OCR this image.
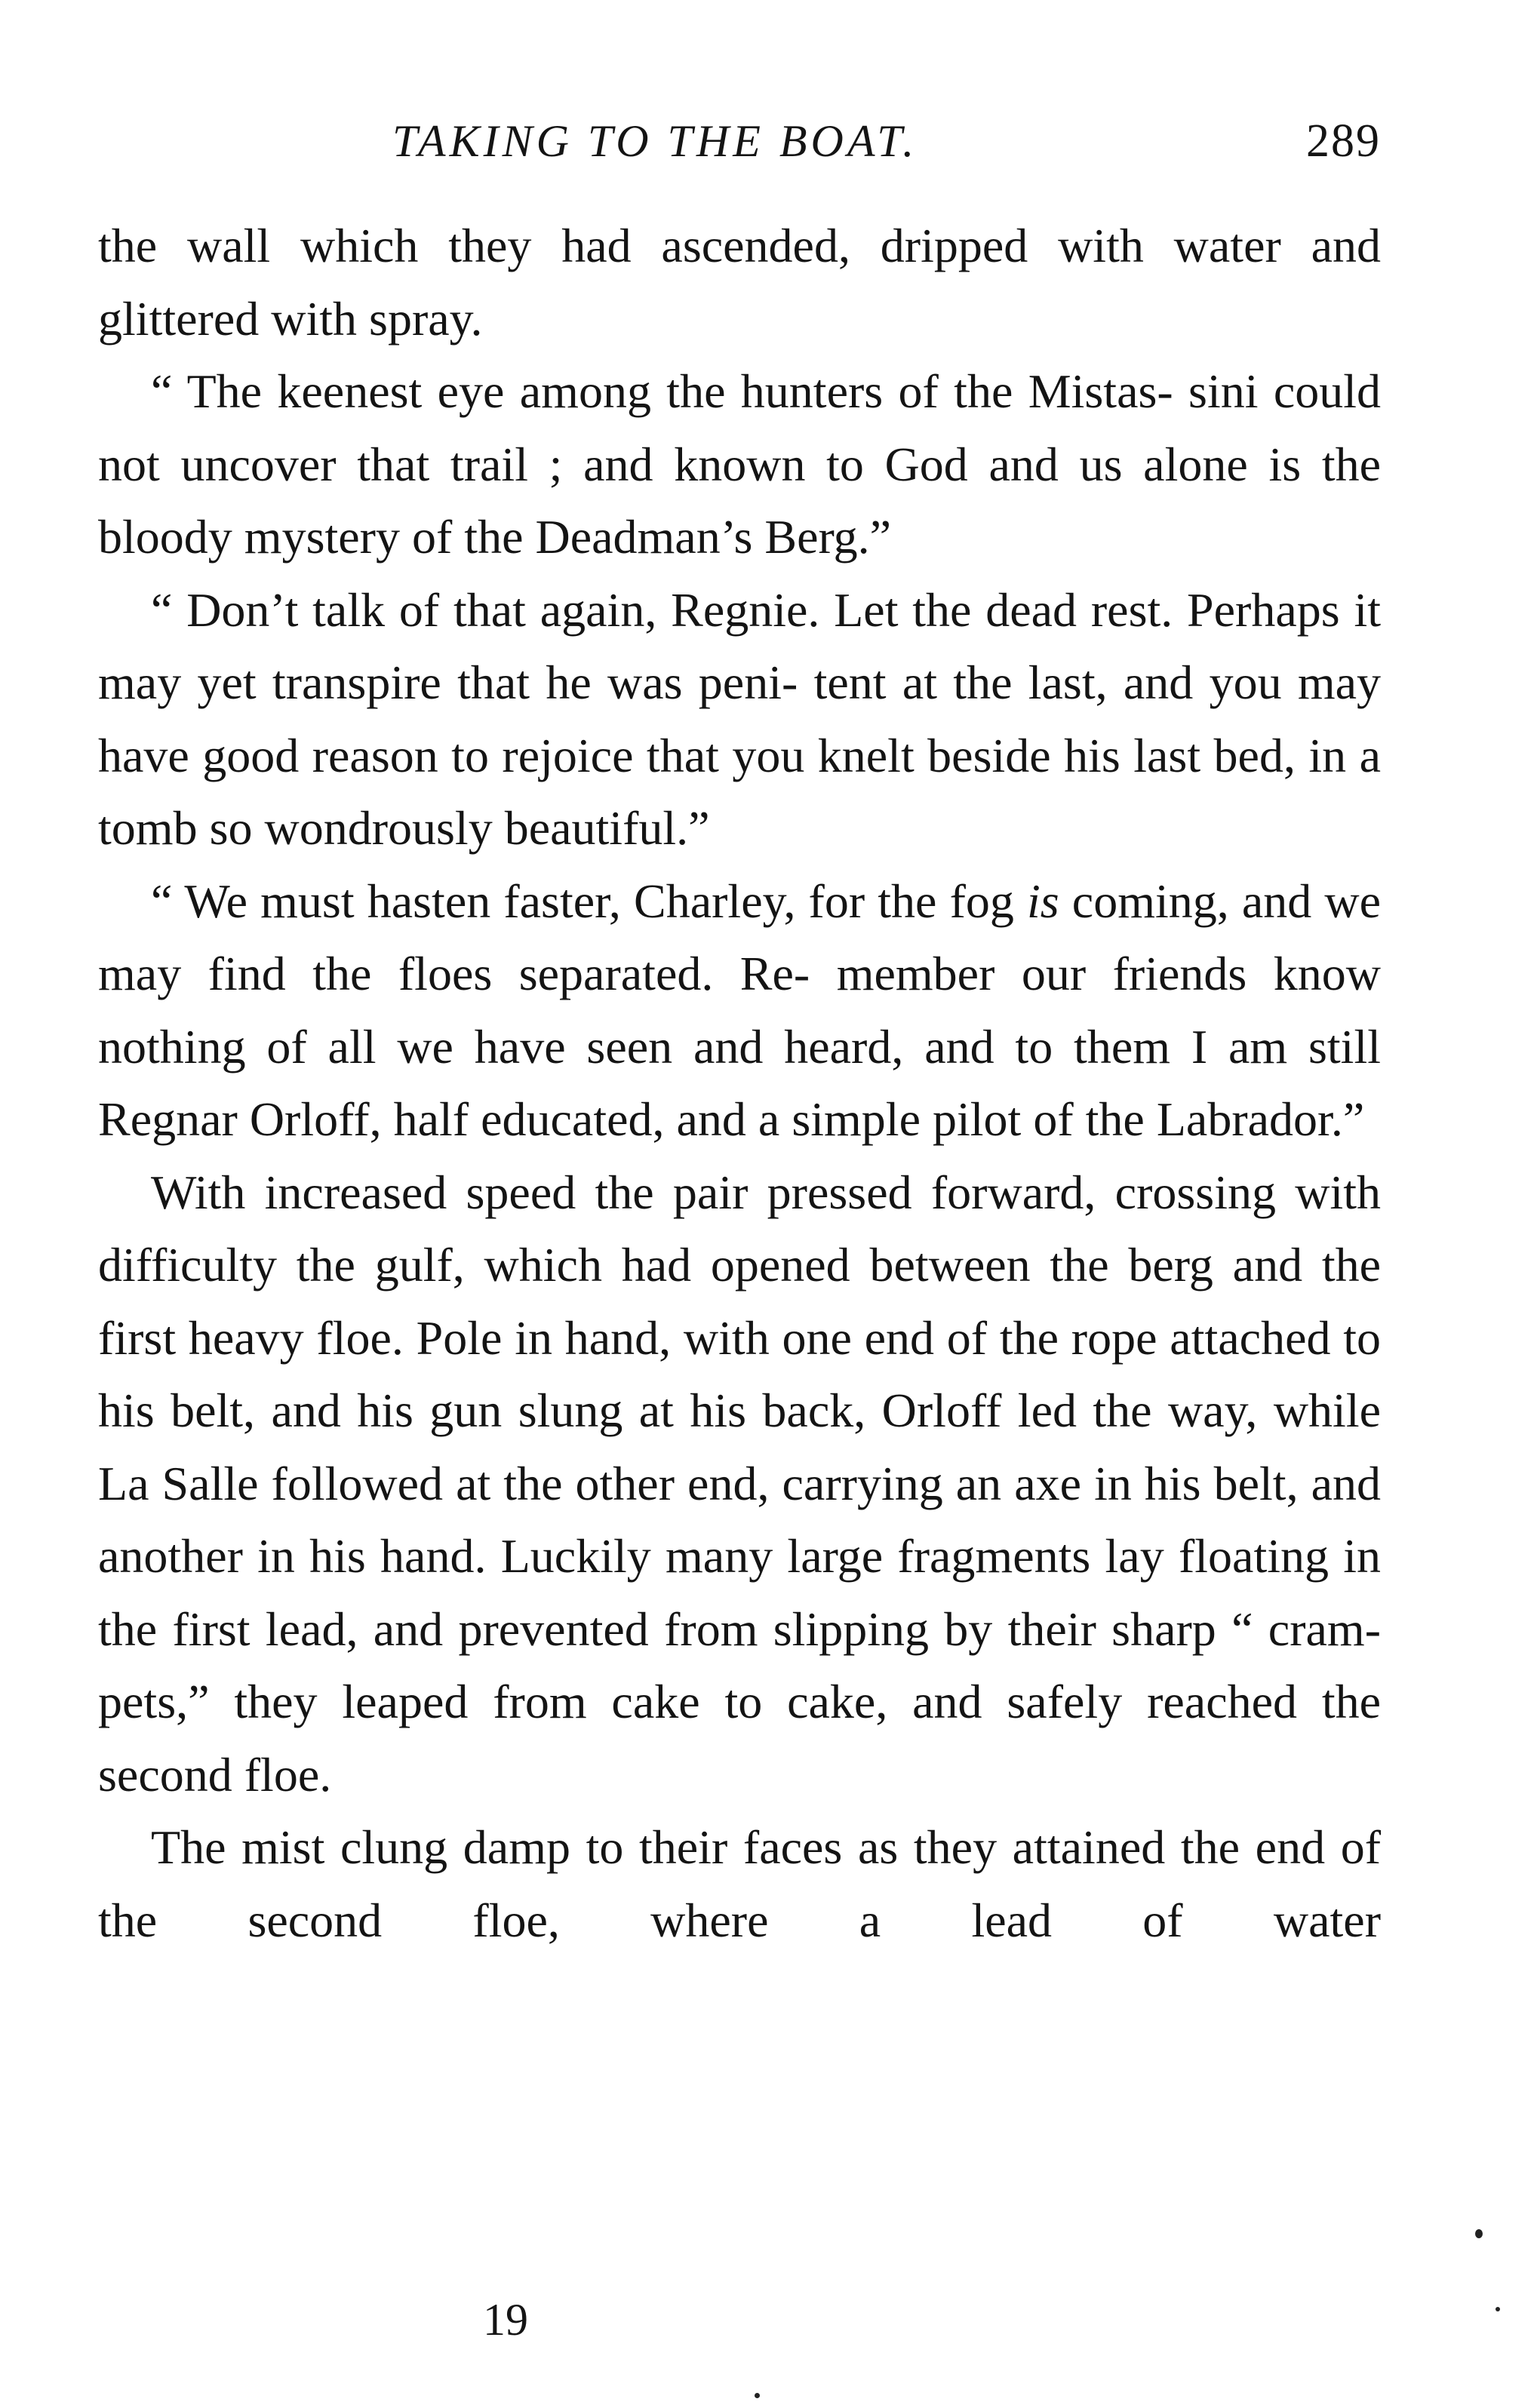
TAKING TO THE BOAT.	289

the wall which they had ascended, dripped with water and glittered with spray.

“ The keenest eye among the hunters of the Mistas- sini could not uncover that trail ; and known to God and us alone is the bloody mystery of the Deadman’s Berg.”

“ Don’t talk of that again, Regnie. Let the dead rest. Perhaps it may yet transpire that he was peni- tent at the last, and you may have good reason to rejoice that you knelt beside his last bed, in a tomb so wondrously beautiful.”

“ We must hasten faster, Charley, for the fog is coming, and we may find the floes separated. Re- member our friends know nothing of all we have seen and heard, and to them I am still Regnar Orloff, half educated, and a simple pilot of the Labrador.”

With increased speed the pair pressed forward, crossing with difficulty the gulf, which had opened between the berg and the first heavy floe. Pole in hand, with one end of the rope attached to his belt, and his gun slung at his back, Orloff led the way, while La Salle followed at the other end, carrying an axe in his belt, and another in his hand. Luckily many large fragments lay floating in the first lead, and prevented from slipping by their sharp “ cram- pets,” they leaped from cake to cake, and safely reached the second floe.

The mist clung damp to their faces as they attained the end of the second floe, where a lead of water

19
